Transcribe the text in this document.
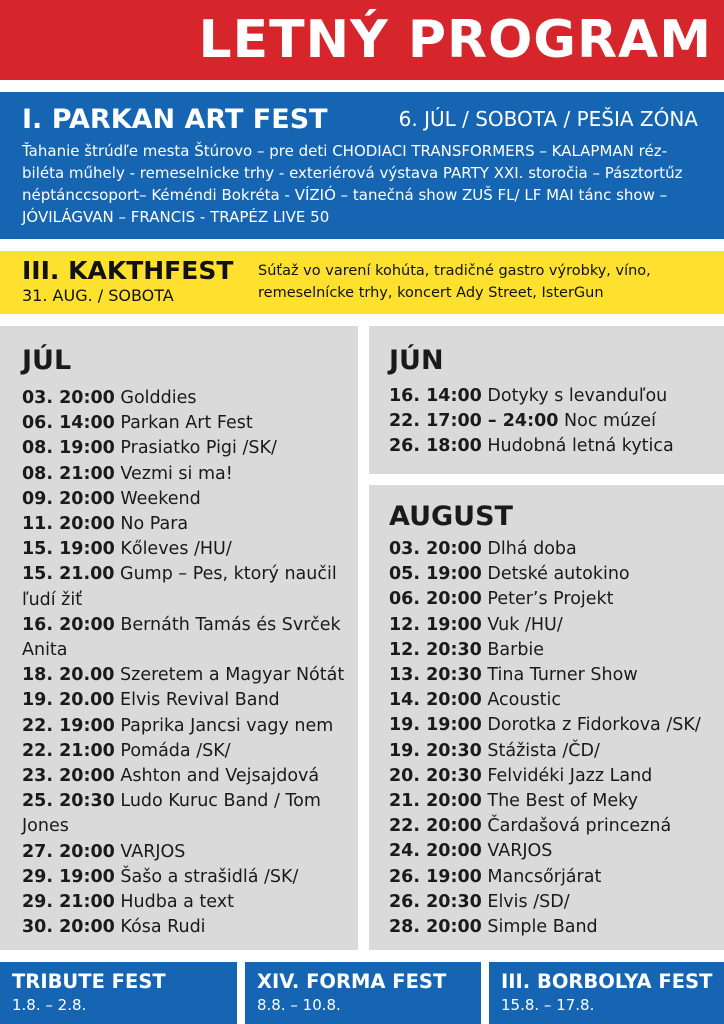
LETNÝ PROGRAM
I. PARKAN ART FEST	6. JÚL / SOBOTA / PEŠIA ZÓNA
Ťahanie štrúdľe mesta Štúrovo – pre deti CHODIACI TRANSFORMERS – KALAPMAN réz-biléta műhely - remeselnicke trhy - exteriérová výstava PARTY XXI. storočia – Pásztortűz néptánccsoport– Kéméndi Bokréta - VÍZIÓ – tanečná show ZUŠ FL/ LF MAI tánc show – JÓVILÁGVAN – FRANCIS - TRAPÉZ LIVE 50
III. KAKTHFEST
31. AUG. / SOBOTA
Súťaž vo varení kohúta, tradičné gastro výrobky, víno, remeselnícke trhy, koncert Ady Street, IsterGun
JÚL
03. 20:00 Golddies
06. 14:00 Parkan Art Fest
08. 19:00 Prasiatko Pigi /SK/
08. 21:00 Vezmi si ma!
09. 20:00 Weekend
11. 20:00 No Para
15. 19:00 Kőleves /HU/
15. 21.00 Gump – Pes, ktorý naučil ľudí žiť
16. 20:00 Bernáth Tamás és Svrček Anita
18. 20.00 Szeretem a Magyar Nótát
19. 20.00 Elvis Revival Band
22. 19:00 Paprika Jancsi vagy nem
22. 21:00 Pomáda /SK/
23. 20:00 Ashton and Vejsajdová
25. 20:30 Ludo Kuruc Band / Tom Jones
27. 20:00 VARJOS
29. 19:00 Šašo a strašidlá /SK/
29. 21:00 Hudba a text
30. 20:00 Kósa Rudi
JÚN
16. 14:00 Dotyky s levanduľou
22. 17:00 – 24:00 Noc múzeí
26. 18:00 Hudobná letná kytica
AUGUST
03. 20:00 Dlhá doba
05. 19:00 Detské autokino
06. 20:00 Peter’s Projekt
12. 19:00 Vuk /HU/
12. 20:30 Barbie
13. 20:30 Tina Turner Show
14. 20:00 Acoustic
19. 19:00 Dorotka z Fidorkova /SK/
19. 20:30 Stážista /ČD/
20. 20:30 Felvidéki Jazz Land
21. 20:00 The Best of Meky
22. 20:00 Čardašová princezná
24. 20:00 VARJOS
26. 19:00 Mancsőrjárat
26. 20:30 Elvis /SD/
28. 20:00 Simple Band
TRIBUTE FEST
1.8. – 2.8.
XIV. FORMA FEST
8.8. – 10.8.
III. BORBOLYA FEST
15.8. – 17.8.
